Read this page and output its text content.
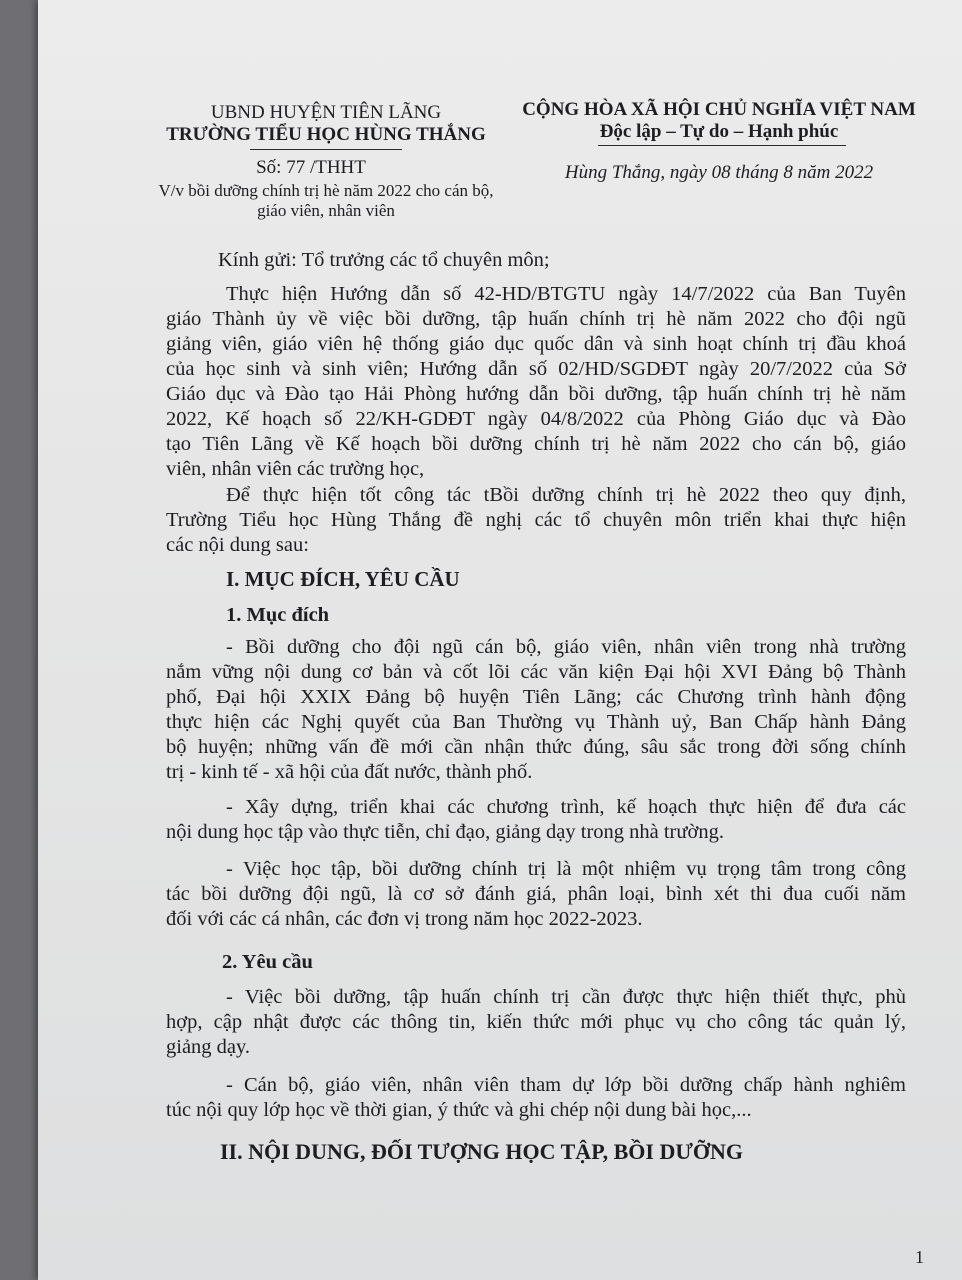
UBND HUYỆN TIÊN LÃNG
TRƯỜNG TIỂU HỌC HÙNG THẮNG
Số: 77 /THHT
V/v bồi dưỡng chính trị hè năm 2022 cho cán bộ,
giáo viên, nhân viên
CỘNG HÒA XÃ HỘI CHỦ NGHĨA VIỆT NAM
Độc lập – Tự do – Hạnh phúc
Hùng Thắng, ngày 08 tháng 8 năm 2022
Kính gửi: Tổ trưởng các tổ chuyên môn;
Thực hiện Hướng dẫn số 42-HD/BTGTU ngày 14/7/2022 của Ban Tuyên
giáo Thành ủy về việc bồi dưỡng, tập huấn chính trị hè năm 2022 cho đội ngũ
giảng viên, giáo viên hệ thống giáo dục quốc dân và sinh hoạt chính trị đầu khoá
của học sinh và sinh viên; Hướng dẫn số 02/HD/SGDĐT ngày 20/7/2022 của Sở
Giáo dục và Đào tạo Hải Phòng hướng dẫn bồi dưỡng, tập huấn chính trị hè năm
2022, Kế hoạch số 22/KH-GDĐT ngày 04/8/2022 của Phòng Giáo dục và Đào
tạo Tiên Lãng về Kế hoạch bồi dưỡng chính trị hè năm 2022 cho cán bộ, giáo
viên, nhân viên các trường học,
Để thực hiện tốt công tác tBồi dưỡng chính trị hè 2022 theo quy định,
Trường Tiểu học Hùng Thắng đề nghị các tổ chuyên môn triển khai thực hiện
các nội dung sau:
I. MỤC ĐÍCH, YÊU CẦU
1. Mục đích
- Bồi dưỡng cho đội ngũ cán bộ, giáo viên, nhân viên trong nhà trường
nắm vững nội dung cơ bản và cốt lõi các văn kiện Đại hội XVI Đảng bộ Thành
phố, Đại hội XXIX Đảng bộ huyện Tiên Lãng; các Chương trình hành động
thực hiện các Nghị quyết của Ban Thường vụ Thành uỷ, Ban Chấp hành Đảng
bộ huyện; những vấn đề mới cần nhận thức đúng, sâu sắc trong đời sống chính
trị - kinh tế - xã hội của đất nước, thành phố.
- Xây dựng, triển khai các chương trình, kế hoạch thực hiện để đưa các
nội dung học tập vào thực tiễn, chỉ đạo, giảng dạy trong nhà trường.
- Việc học tập, bồi dưỡng chính trị là một nhiệm vụ trọng tâm trong công
tác bồi dưỡng đội ngũ, là cơ sở đánh giá, phân loại, bình xét thi đua cuối năm
đối với các cá nhân, các đơn vị trong năm học 2022-2023.
2. Yêu cầu
- Việc bồi dưỡng, tập huấn chính trị cần được thực hiện thiết thực, phù
hợp, cập nhật được các thông tin, kiến thức mới phục vụ cho công tác quản lý,
giảng dạy.
- Cán bộ, giáo viên, nhân viên tham dự lớp bồi dưỡng chấp hành nghiêm
túc nội quy lớp học về thời gian, ý thức và ghi chép nội dung bài học,...
II. NỘI DUNG, ĐỐI TƯỢNG HỌC TẬP, BỒI DƯỠNG
1
